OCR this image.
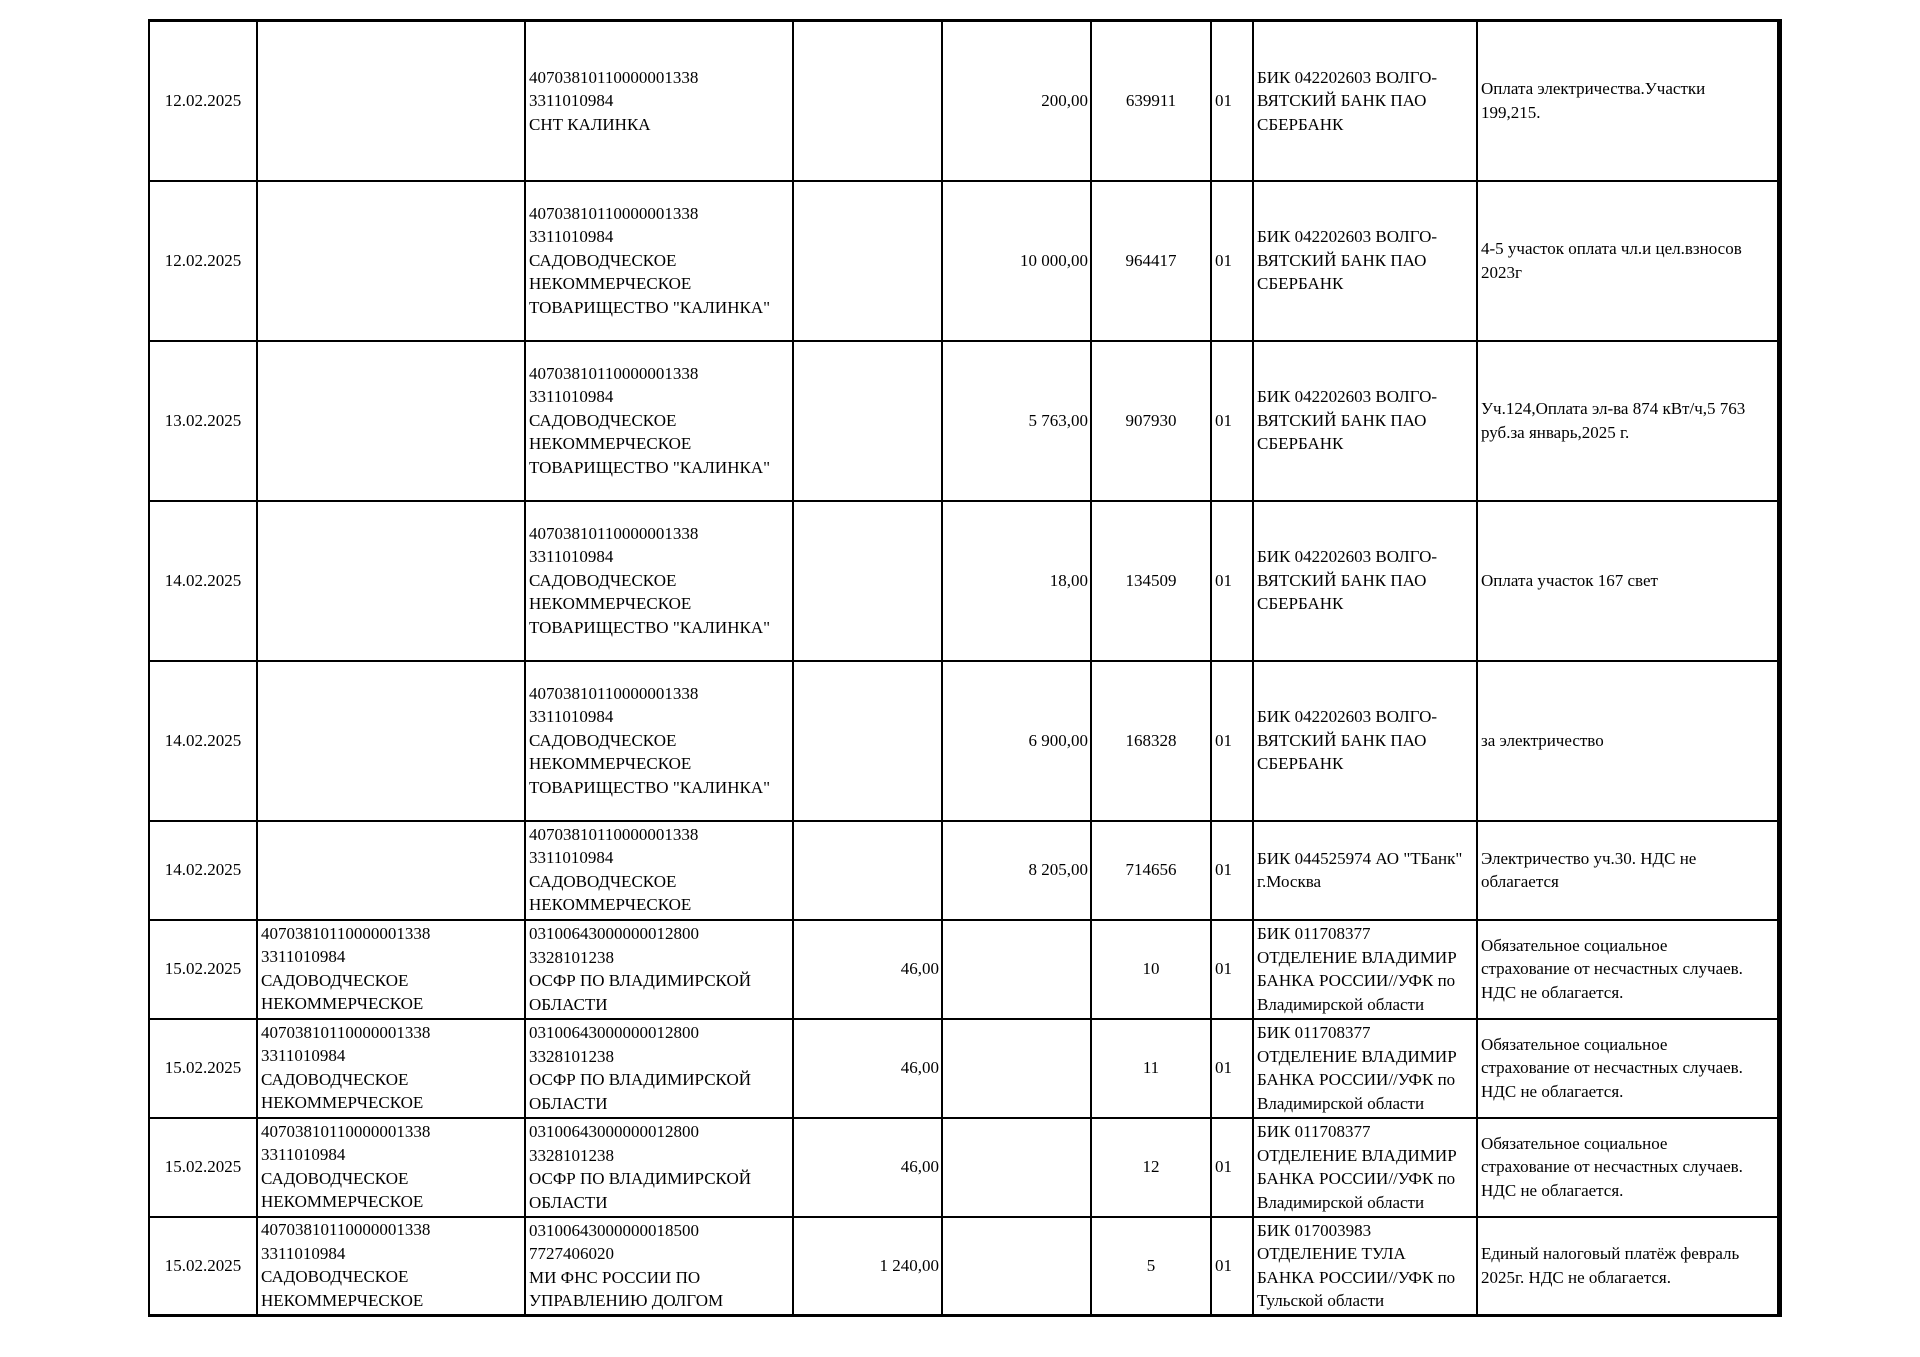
12.02.2025		40703810110000001338
3311010984
СНТ КАЛИНКА		200,00	639911	01	БИК 042202603 ВОЛГО-
ВЯТСКИЙ БАНК ПАО
СБЕРБАНК	Оплата электричества.Участки
199,215.

12.02.2025		40703810110000001338
3311010984
САДОВОДЧЕСКОЕ
НЕКОММЕРЧЕСКОЕ
ТОВАРИЩЕСТВО "КАЛИНКА"		10 000,00	964417	01	БИК 042202603 ВОЛГО-
ВЯТСКИЙ БАНК ПАО
СБЕРБАНК	4-5 участок оплата чл.и цел.взносов
2023г

13.02.2025		40703810110000001338
3311010984
САДОВОДЧЕСКОЕ
НЕКОММЕРЧЕСКОЕ
ТОВАРИЩЕСТВО "КАЛИНКА"		5 763,00	907930	01	БИК 042202603 ВОЛГО-
ВЯТСКИЙ БАНК ПАО
СБЕРБАНК	Уч.124,Оплата эл-ва 874 кВт/ч,5 763
руб.за январь,2025 г.

14.02.2025		40703810110000001338
3311010984
САДОВОДЧЕСКОЕ
НЕКОММЕРЧЕСКОЕ
ТОВАРИЩЕСТВО "КАЛИНКА"		18,00	134509	01	БИК 042202603 ВОЛГО-
ВЯТСКИЙ БАНК ПАО
СБЕРБАНК	Оплата участок 167 свет

14.02.2025		40703810110000001338
3311010984
САДОВОДЧЕСКОЕ
НЕКОММЕРЧЕСКОЕ
ТОВАРИЩЕСТВО "КАЛИНКА"		6 900,00	168328	01	БИК 042202603 ВОЛГО-
ВЯТСКИЙ БАНК ПАО
СБЕРБАНК	за электричество

14.02.2025		40703810110000001338
3311010984
САДОВОДЧЕСКОЕ
НЕКОММЕРЧЕСКОЕ		8 205,00	714656	01	БИК 044525974 АО "ТБанк"
г.Москва	Электричество уч.30. НДС не
облагается

15.02.2025	40703810110000001338
3311010984
САДОВОДЧЕСКОЕ
НЕКОММЕРЧЕСКОЕ	03100643000000012800
3328101238
ОСФР ПО ВЛАДИМИРСКОЙ
ОБЛАСТИ	46,00		10	01	БИК 011708377
ОТДЕЛЕНИЕ ВЛАДИМИР
БАНКА РОССИИ//УФК по
Владимирской области	Обязательное социальное
страхование от несчастных случаев.
НДС не облагается.

15.02.2025	40703810110000001338
3311010984
САДОВОДЧЕСКОЕ
НЕКОММЕРЧЕСКОЕ	03100643000000012800
3328101238
ОСФР ПО ВЛАДИМИРСКОЙ
ОБЛАСТИ	46,00		11	01	БИК 011708377
ОТДЕЛЕНИЕ ВЛАДИМИР
БАНКА РОССИИ//УФК по
Владимирской области	Обязательное социальное
страхование от несчастных случаев.
НДС не облагается.

15.02.2025	40703810110000001338
3311010984
САДОВОДЧЕСКОЕ
НЕКОММЕРЧЕСКОЕ	03100643000000012800
3328101238
ОСФР ПО ВЛАДИМИРСКОЙ
ОБЛАСТИ	46,00		12	01	БИК 011708377
ОТДЕЛЕНИЕ ВЛАДИМИР
БАНКА РОССИИ//УФК по
Владимирской области	Обязательное социальное
страхование от несчастных случаев.
НДС не облагается.

15.02.2025	40703810110000001338
3311010984
САДОВОДЧЕСКОЕ
НЕКОММЕРЧЕСКОЕ	03100643000000018500
7727406020
МИ ФНС РОССИИ ПО
УПРАВЛЕНИЮ ДОЛГОМ	1 240,00		5	01	БИК 017003983
ОТДЕЛЕНИЕ ТУЛА
БАНКА РОССИИ//УФК по
Тульской области	Единый налоговый платёж февраль
2025г. НДС не облагается.
